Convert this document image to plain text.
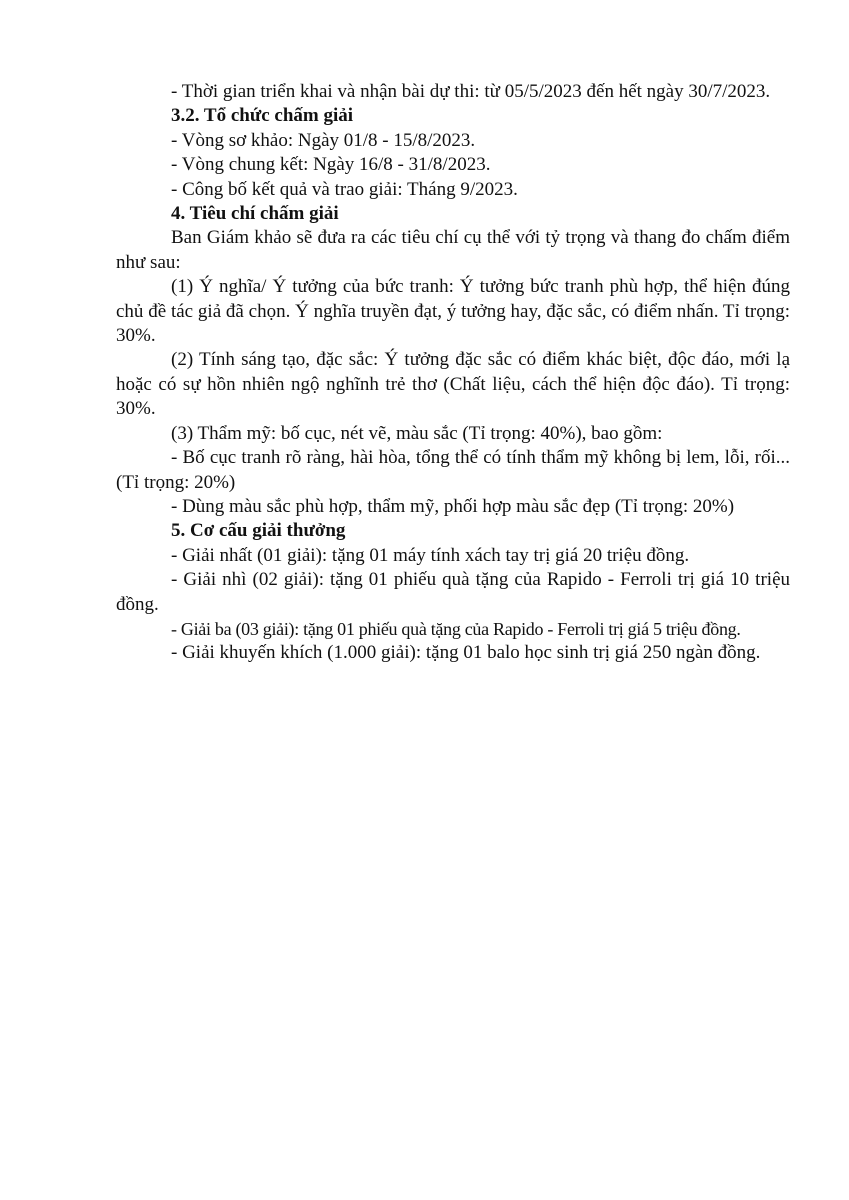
- Thời gian triển khai và nhận bài dự thi: từ 05/5/2023 đến hết ngày 30/7/2023.

3.2. Tổ chức chấm giải

- Vòng sơ khảo: Ngày 01/8 - 15/8/2023.

- Vòng chung kết: Ngày 16/8 - 31/8/2023.

- Công bố kết quả và trao giải: Tháng 9/2023.

4. Tiêu chí chấm giải

Ban Giám khảo sẽ đưa ra các tiêu chí cụ thể với tỷ trọng và thang đo chấm điểm như sau:

(1) Ý nghĩa/ Ý tưởng của bức tranh: Ý tưởng bức tranh phù hợp, thể hiện đúng chủ đề tác giả đã chọn. Ý nghĩa truyền đạt, ý tưởng hay, đặc sắc, có điểm nhấn. Tỉ trọng: 30%.

(2) Tính sáng tạo, đặc sắc: Ý tưởng đặc sắc có điểm khác biệt, độc đáo, mới lạ hoặc có sự hồn nhiên ngộ nghĩnh trẻ thơ (Chất liệu, cách thể hiện độc đáo). Tỉ trọng: 30%.

(3) Thẩm mỹ: bố cục, nét vẽ, màu sắc (Tỉ trọng: 40%), bao gồm:

- Bố cục tranh rõ ràng, hài hòa, tổng thể có tính thẩm mỹ không bị lem, lỗi, rối... (Tỉ trọng: 20%)

- Dùng màu sắc phù hợp, thẩm mỹ, phối hợp màu sắc đẹp (Tỉ trọng: 20%)

5. Cơ cấu giải thưởng

- Giải nhất (01 giải): tặng 01 máy tính xách tay trị giá 20 triệu đồng.

- Giải nhì (02 giải): tặng 01 phiếu quà tặng của Rapido - Ferroli trị giá 10 triệu đồng.

- Giải ba (03 giải): tặng 01 phiếu quà tặng của Rapido - Ferroli trị giá 5 triệu đồng.

- Giải khuyến khích (1.000 giải): tặng 01 balo học sinh trị giá 250 ngàn đồng.
